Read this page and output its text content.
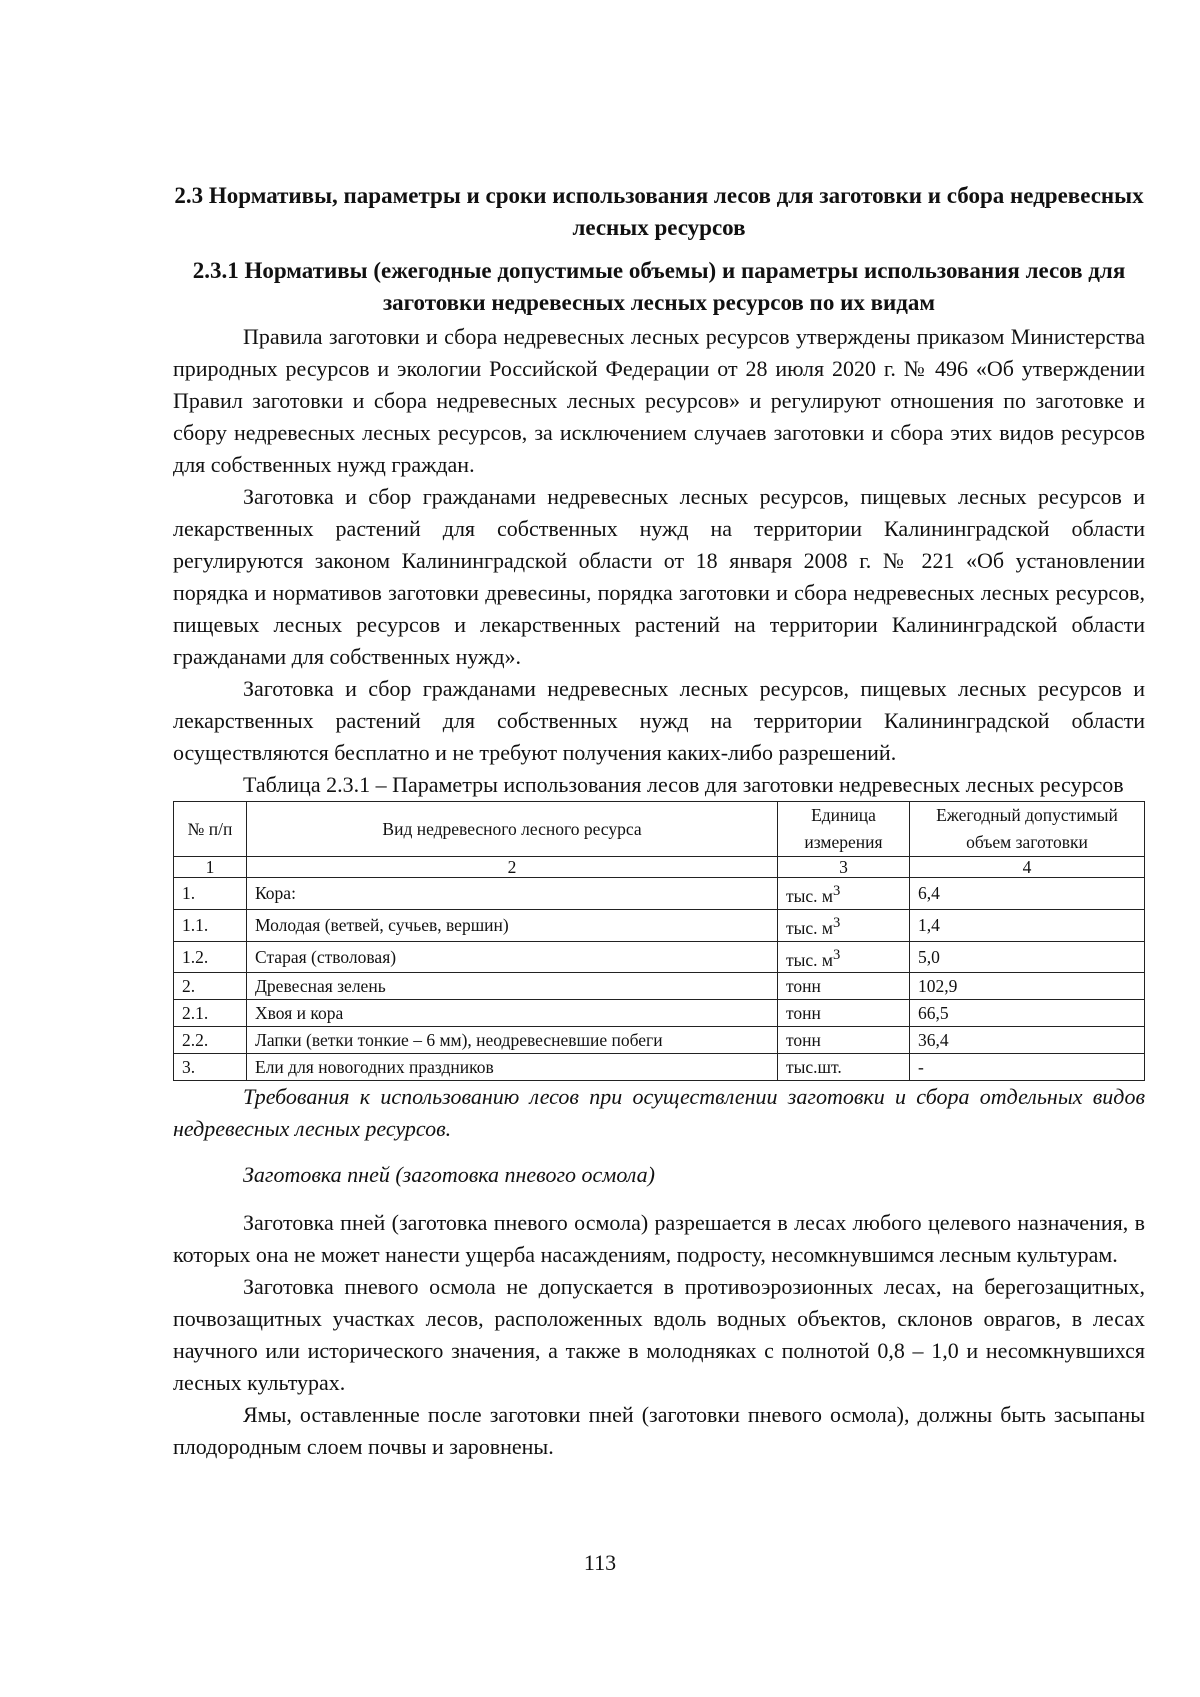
2.3 Нормативы, параметры и сроки использования лесов для заготовки и сбора недревесных лесных ресурсов
2.3.1 Нормативы (ежегодные допустимые объемы) и параметры использования лесов для заготовки недревесных лесных ресурсов по их видам

Правила заготовки и сбора недревесных лесных ресурсов утверждены приказом Министерства природных ресурсов и экологии Российской Федерации от 28 июля 2020 г. № 496 «Об утверждении Правил заготовки и сбора недревесных лесных ресурсов» и регулируют отношения по заготовке и сбору недревесных лесных ресурсов, за исключением случаев заготовки и сбора этих видов ресурсов для собственных нужд граждан.

Заготовка и сбор гражданами недревесных лесных ресурсов, пищевых лесных ресурсов и лекарственных растений для собственных нужд на территории Калининградской области регулируются законом Калининградской области от 18 января 2008 г. № 221 «Об установлении порядка и нормативов заготовки древесины, порядка заготовки и сбора недревесных лесных ресурсов, пищевых лесных ресурсов и лекарственных растений на территории Калининградской области гражданами для собственных нужд».

Заготовка и сбор гражданами недревесных лесных ресурсов, пищевых лесных ресурсов и лекарственных растений для собственных нужд на территории Калининградской области осуществляются бесплатно и не требуют получения каких-либо разрешений.

Таблица 2.3.1 – Параметры использования лесов для заготовки недревесных лесных ресурсов
№ п/п	Вид недревесного лесного ресурса	Единица измерения	Ежегодный допустимый объем заготовки
1	2	3	4
1.	Кора:	тыс. $м^3$	6,4
1.1.	Молодая (ветвей, сучьев, вершин)	тыс. $м^3$	1,4
1.2.	Старая (стволовая)	тыс. $м^3$	5,0
2.	Древесная зелень	тонн	102,9
2.1.	Хвоя и кора	тонн	66,5
2.2.	Лапки (ветки тонкие – 6 мм), неодревесневшие побеги	тонн	36,4
3.	Ели для новогодних праздников	тыс.шт.	-

Требования к использованию лесов при осуществлении заготовки и сбора отдельных видов недревесных лесных ресурсов.

Заготовка пней (заготовка пневого осмола)

Заготовка пней (заготовка пневого осмола) разрешается в лесах любого целевого назначения, в которых она не может нанести ущерба насаждениям, подросту, несомкнувшимся лесным культурам.

Заготовка пневого осмола не допускается в противоэрозионных лесах, на берегозащитных, почвозащитных участках лесов, расположенных вдоль водных объектов, склонов оврагов, в лесах научного или исторического значения, а также в молодняках с полнотой 0,8 – 1,0 и несомкнувшихся лесных культурах.

Ямы, оставленные после заготовки пней (заготовки пневого осмола), должны быть засыпаны плодородным слоем почвы и заровнены.

113
